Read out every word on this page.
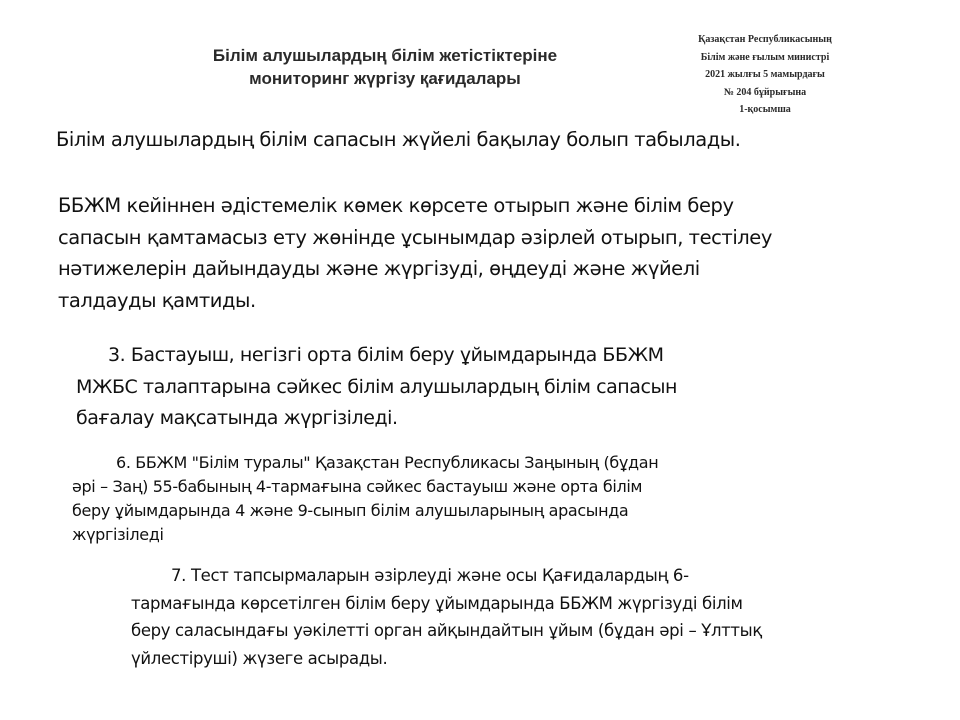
Білім алушылардың білім жетістіктеріне
мониторинг жүргізу қағидалары
Қазақстан Республикасының
Білім және ғылым министрі
2021 жылғы 5 мамырдағы
№ 204 бұйрығына
1-қосымша
Білім алушылардың білім сапасын жүйелі бақылау болып табылады.
ББЖМ кейіннен әдістемелік көмек көрсете отырып және білім беру
сапасын қамтамасыз ету жөнінде ұсынымдар әзірлей отырып, тестілеу
нәтижелерін дайындауды және жүргізуді, өңдеуді және жүйелі
талдауды қамтиды.
3. Бастауыш, негізгі орта білім беру ұйымдарында ББЖМ
МЖБС талаптарына сәйкес білім алушылардың білім сапасын
бағалау мақсатында жүргізіледі.
6. ББЖМ "Білім туралы" Қазақстан Республикасы Заңының (бұдан
әрі – Заң) 55-бабының 4-тармағына сәйкес бастауыш және орта білім
беру ұйымдарында 4 және 9-сынып білім алушыларының арасында
жүргізіледі
7. Тест тапсырмаларын әзірлеуді және осы Қағидалардың 6-
тармағында көрсетілген білім беру ұйымдарында ББЖМ жүргізуді білім
беру саласындағы уәкілетті орган айқындайтын ұйым (бұдан әрі – Ұлттық
үйлестіруші) жүзеге асырады.
